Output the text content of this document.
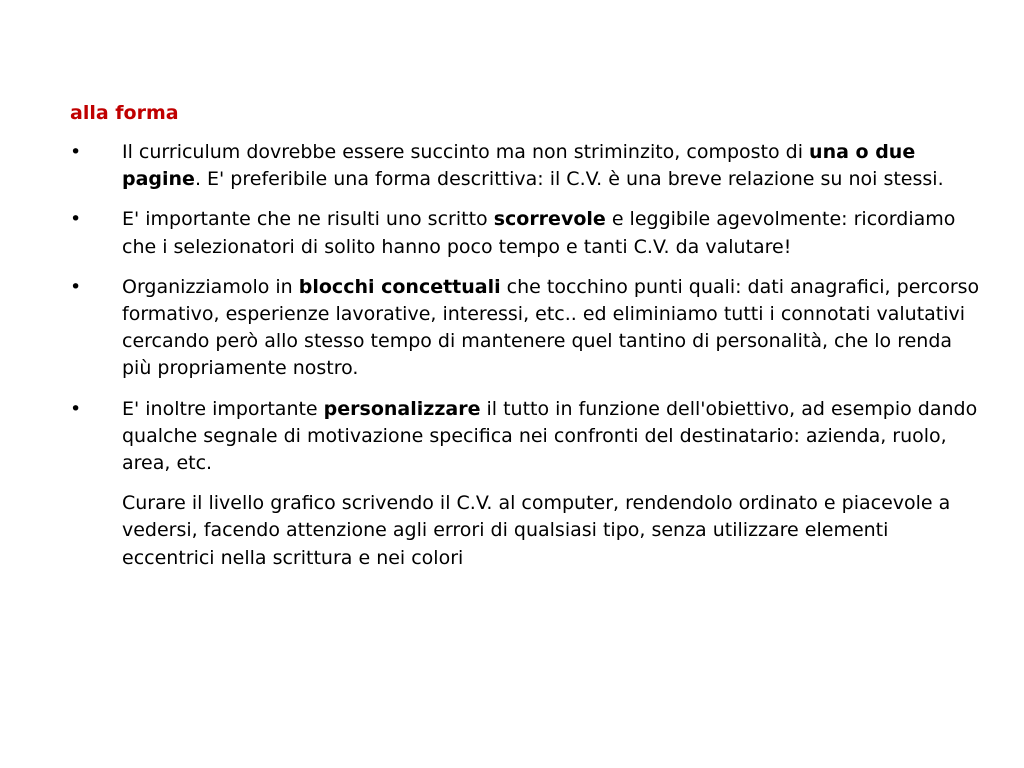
alla forma
•	Il curriculum dovrebbe essere succinto ma non striminzito, composto di una o due pagine. E' preferibile una forma descrittiva: il C.V. è una breve relazione su noi stessi.
•	E' importante che ne risulti uno scritto scorrevole e leggibile agevolmente: ricordiamo che i selezionatori di solito hanno poco tempo e tanti C.V. da valutare!
•	Organizziamolo in blocchi concettuali che tocchino punti quali: dati anagrafici, percorso formativo, esperienze lavorative, interessi, etc.. ed eliminiamo tutti i connotati valutativi cercando però allo stesso tempo di mantenere quel tantino di personalità, che lo renda più propriamente nostro.
•	E' inoltre importante personalizzare il tutto in funzione dell'obiettivo, ad esempio dando qualche segnale di motivazione specifica nei confronti del destinatario: azienda, ruolo, area, etc.
Curare il livello grafico scrivendo il C.V. al computer, rendendolo ordinato e piacevole a vedersi, facendo attenzione agli errori di qualsiasi tipo, senza utilizzare elementi eccentrici nella scrittura e nei colori
